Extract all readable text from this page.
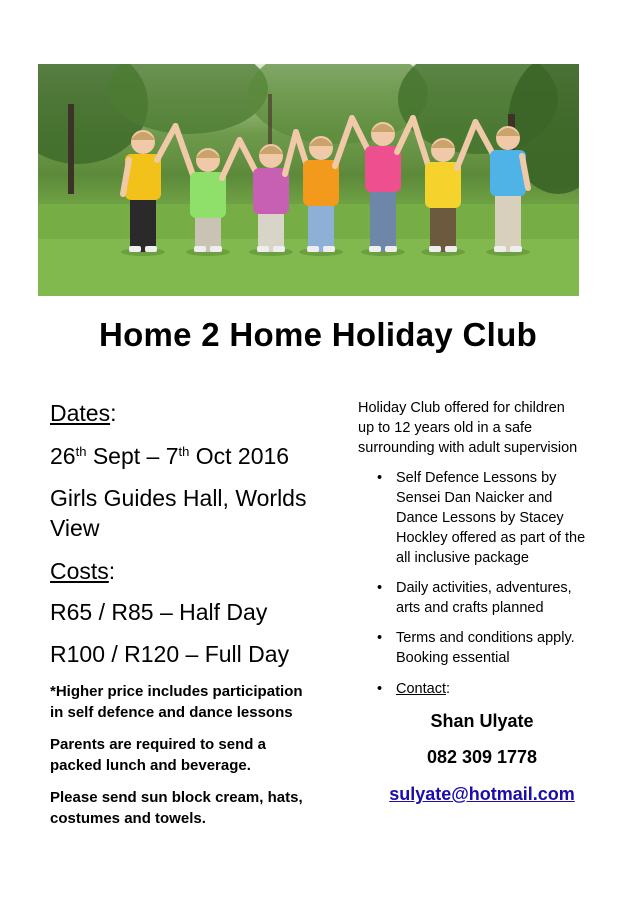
Home 2 Home Holiday Club
Dates:
26th Sept – 7th Oct 2016
Girls Guides Hall, Worlds
View
Costs:
R65 / R85 – Half Day
R100 / R120 – Full Day
*Higher price includes participation
in self defence and dance lessons
Parents are required to send a
packed lunch and beverage.
Please send sun block cream, hats,
costumes and towels.
Holiday Club offered for children
up to 12 years old in a safe
surrounding with adult supervision
• Self Defence Lessons by
Sensei Dan Naicker and
Dance Lessons by Stacey
Hockley offered as part of the
all inclusive package
• Daily activities, adventures,
arts and crafts planned
• Terms and conditions apply.
Booking essential
• Contact:
Shan Ulyate
082 309 1778
sulyate@hotmail.com
